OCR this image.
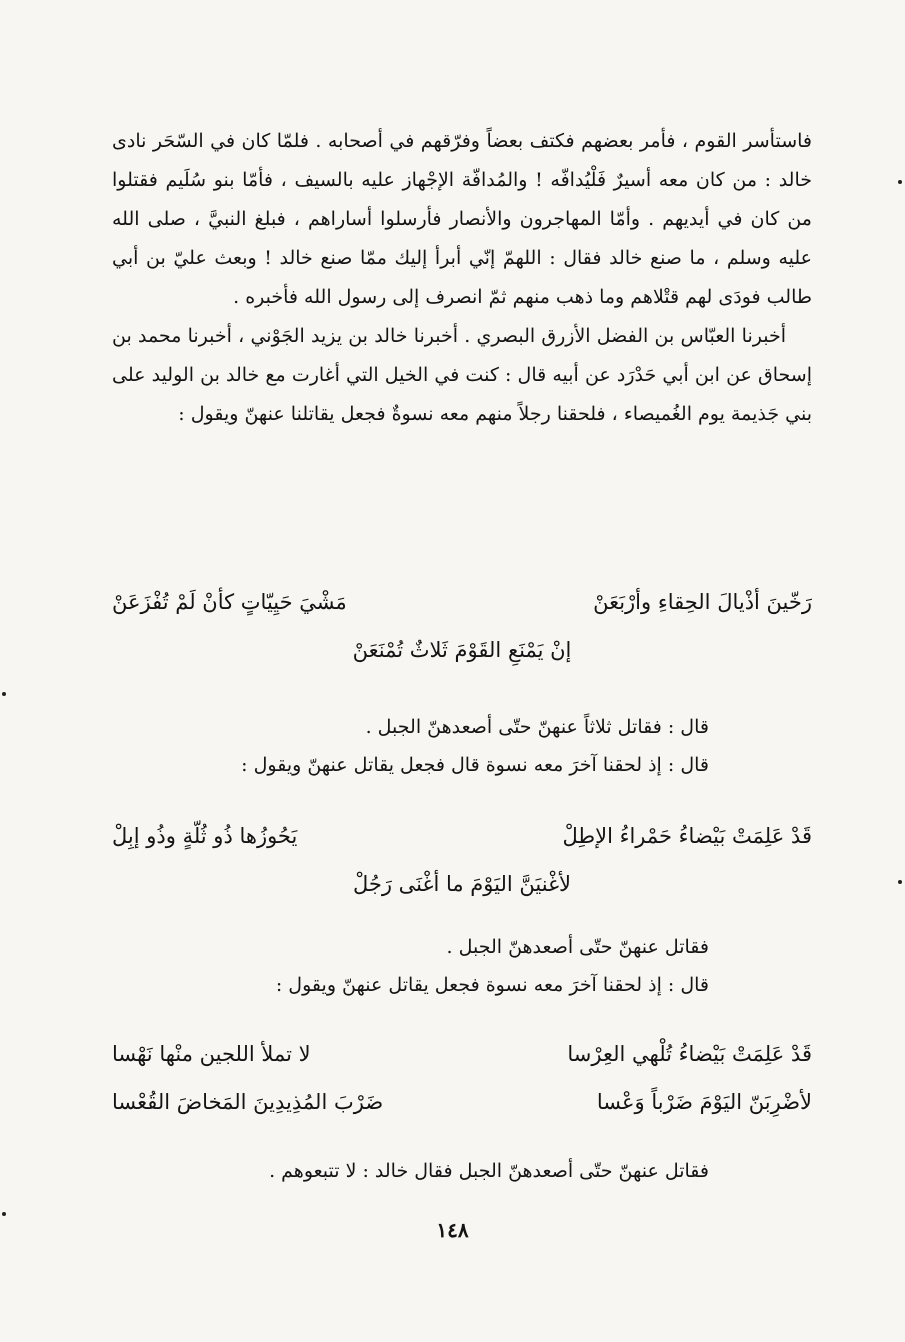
فاستأسر القوم ، فأمر بعضهم فكتف بعضاً وفرّقهم في أصحابه . فلمّا كان في السّحَر نادى خالد : من كان معه أسيرٌ فَلْيُدافّه ! والمُدافّة الإجْهاز عليه بالسيف ، فأمّا بنو سُلَيم فقتلوا من كان في أيديهم . وأمّا المهاجرون والأنصار فأرسلوا أساراهم ، فبلغ النبيَّ ، صلى الله عليه وسلم ، ما صنع خالد فقال : اللهمّ إنّي أبرأ إليك ممّا صنع خالد ! وبعث عليّ بن أبي طالب فودَى لهم قتْلاهم وما ذهب منهم ثمّ انصرف إلى رسول الله فأخبره .

أخبرنا العبّاس بن الفضل الأزرق البصري . أخبرنا خالد بن يزيد الجَوْني ، أخبرنا محمد بن إسحاق عن ابن أبي حَدْرَد عن أبيه قال : كنت في الخيل التي أغارت مع خالد بن الوليد على بني جَذيمة يوم الغُميصاء ، فلحقنا رجلاً منهم معه نسوةٌ فجعل يقاتلنا عنهنّ ويقول :

رَخّينَ أذْيالَ الحِقاءِ وأرْبَعَنْ
مَشْيَ حَيِيّاتٍ كأنْ لَمْ تُفْزَعَنْ
إنْ يَمْنَعِ القَوْمَ ثَلاثٌ تُمْنَعَنْ

قال : فقاتل ثلاثاً عنهنّ حتّى أصعدهنّ الجبل .

قال : إذ لحقنا آخرَ معه نسوة قال فجعل يقاتل عنهنّ ويقول :

قَدْ عَلِمَتْ بَيْضاءُ حَمْراءُ الإطِلْ
يَحُوزُها ذُو ثُلّةٍ وذُو إبِلْ
لأغْنيَنَّ اليَوْمَ ما أغْنَى رَجُلْ

فقاتل عنهنّ حتّى أصعدهنّ الجبل .

قال : إذ لحقنا آخرَ معه نسوة فجعل يقاتل عنهنّ ويقول :

قَدْ عَلِمَتْ بَيْضاءُ تُلْهي العِرْسا
لا تملأ اللجين منْها نَهْسا
لأضْرِبَنّ اليَوْمَ ضَرْباً وَعْسا
ضَرْبَ المُذِيدِينَ المَخاضَ القُعْسا

فقاتل عنهنّ حتّى أصعدهنّ الجبل فقال خالد : لا تتبعوهم .

١٤٨
